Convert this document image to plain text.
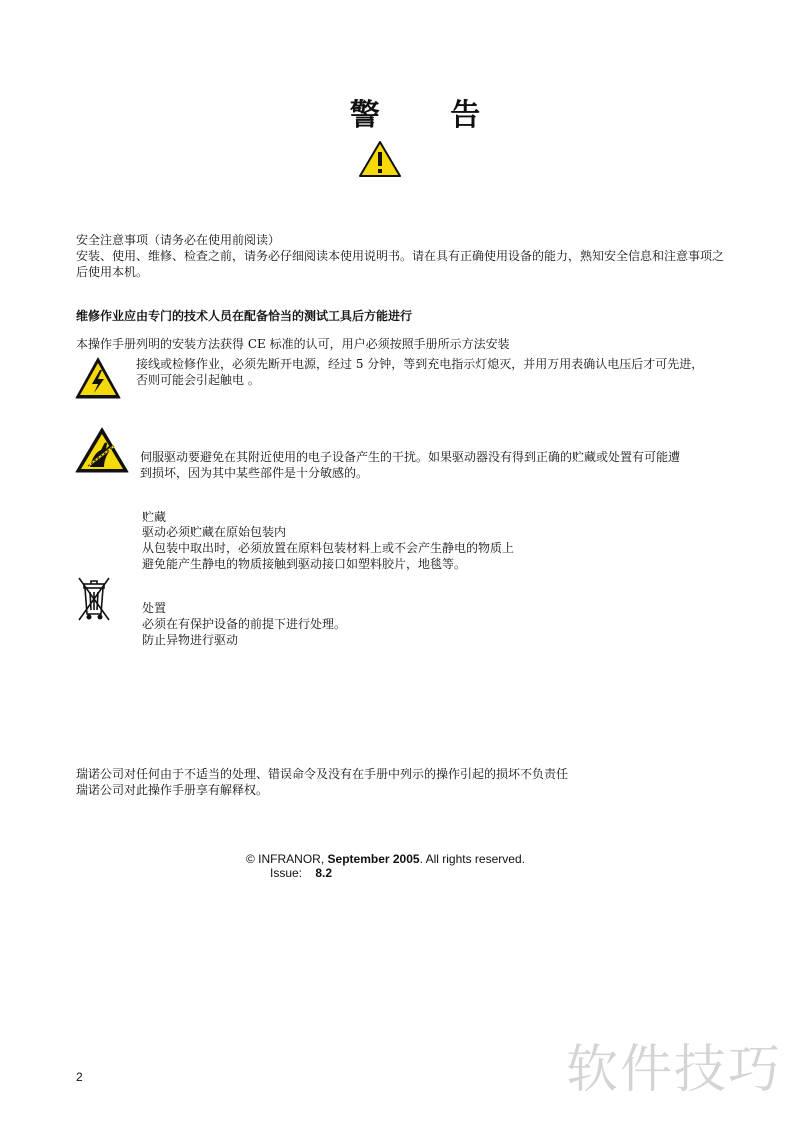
警 告
安全注意事项（请务必在使用前阅读）
安装、使用、维修、检查之前，请务必仔细阅读本使用说明书。请在具有正确使用设备的能力，熟知安全信息和注意事项之后使用本机。
维修作业应由专门的技术人员在配备恰当的测试工具后方能进行
本操作手册列明的安装方法获得 CE 标准的认可，用户必须按照手册所示方法安装
接线或检修作业，必须先断开电源，经过 5 分钟，等到充电指示灯熄灭，并用万用表确认电压后才可先进，
否则可能会引起触电 。
伺服驱动要避免在其附近使用的电子设备产生的干扰。如果驱动器没有得到正确的贮藏或处置有可能遭
到损坏，因为其中某些部件是十分敏感的。
贮藏
驱动必须贮藏在原始包装内
从包装中取出时，必须放置在原料包装材料上或不会产生静电的物质上
避免能产生静电的物质接触到驱动接口如塑料胶片，地毯等。
处置
必须在有保护设备的前提下进行处理。
防止异物进行驱动
瑞诺公司对任何由于不适当的处理、错误命令及没有在手册中列示的操作引起的损坏不负责任
瑞诺公司对此操作手册享有解释权。
© INFRANOR, September 2005. All rights reserved.
Issue: 8.2
2	软件技巧
